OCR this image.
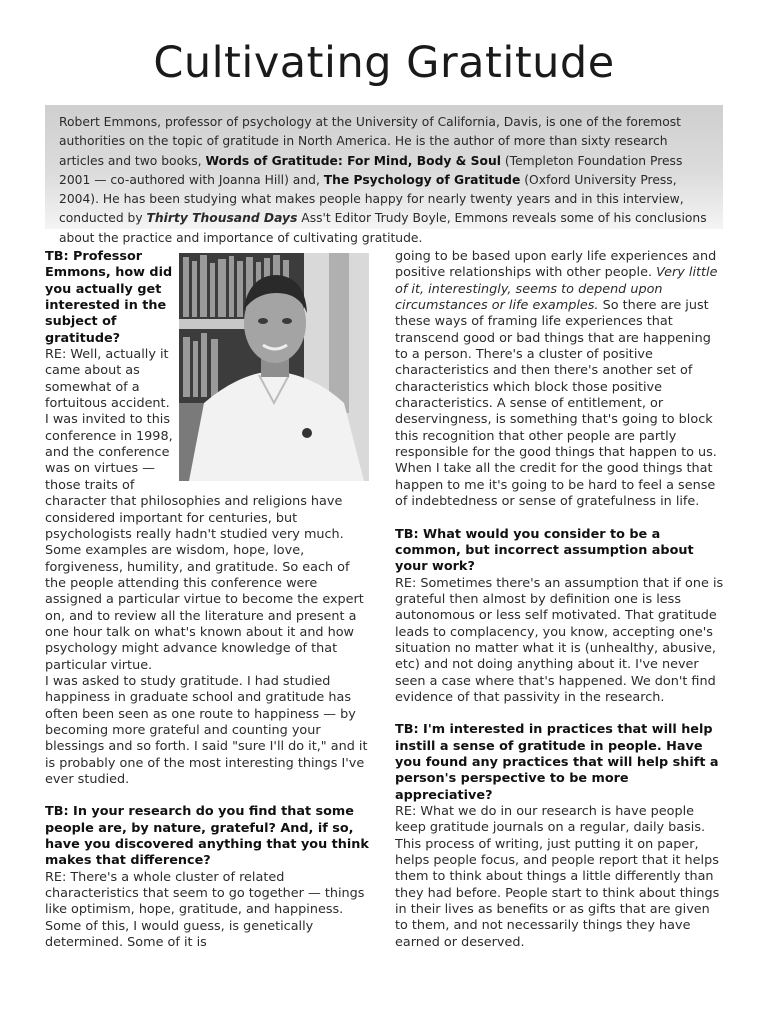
Cultivating Gratitude
Robert Emmons, professor of psychology at the University of California, Davis, is one of the foremost authorities on the topic of gratitude in North America. He is the author of more than sixty research articles and two books, Words of Gratitude: For Mind, Body & Soul (Templeton Foundation Press 2001 — co-authored with Joanna Hill) and, The Psychology of Gratitude (Oxford University Press, 2004). He has been studying what makes people happy for nearly twenty years and in this interview, conducted by Thirty Thousand Days Ass't Editor Trudy Boyle, Emmons reveals some of his conclusions about the practice and importance of cultivating gratitude.

TB: Professor Emmons, how did you actually get interested in the subject of gratitude?

RE: Well, actually it came about as somewhat of a fortuitous accident. I was invited to this conference in 1998, and the conference was on virtues — those traits of character that philosophies and religions have considered important for centuries, but psychologists really hadn't studied very much. Some examples are wisdom, hope, love, forgiveness, humility, and gratitude. So each of the people attending this conference were assigned a particular virtue to become the expert on, and to review all the literature and present a one hour talk on what's known about it and how psychology might advance knowledge of that particular virtue.

I was asked to study gratitude. I had studied happiness in graduate school and gratitude has often been seen as one route to happiness — by becoming more grateful and counting your blessings and so forth. I said "sure I'll do it," and it is probably one of the most interesting things I've ever studied.

TB: In your research do you find that some people are, by nature, grateful? And, if so, have you discovered anything that you think makes that difference?

RE: There's a whole cluster of related characteristics that seem to go together — things like optimism, hope, gratitude, and happiness. Some of this, I would guess, is genetically determined. Some of it is

going to be based upon early life experiences and positive relationships with other people. Very little of it, interestingly, seems to depend upon circumstances or life examples. So there are just these ways of framing life experiences that transcend good or bad things that are happening to a person. There's a cluster of positive characteristics and then there's another set of characteristics which block those positive characteristics. A sense of entitlement, or deservingness, is something that's going to block this recognition that other people are partly responsible for the good things that happen to us. When I take all the credit for the good things that happen to me it's going to be hard to feel a sense of indebtedness or sense of gratefulness in life.

TB: What would you consider to be a common, but incorrect assumption about your work?

RE: Sometimes there's an assumption that if one is grateful then almost by definition one is less autonomous or less self motivated. That gratitude leads to complacency, you know, accepting one's situation no matter what it is (unhealthy, abusive, etc) and not doing anything about it. I've never seen a case where that's happened. We don't find evidence of that passivity in the research.

TB: I'm interested in practices that will help instill a sense of gratitude in people. Have you found any practices that will help shift a person's perspective to be more appreciative?

RE: What we do in our research is have people keep gratitude journals on a regular, daily basis. This process of writing, just putting it on paper, helps people focus, and people report that it helps them to think about things a little differently than they had before. People start to think about things in their lives as benefits or as gifts that are given to them, and not necessarily things they have earned or deserved.
